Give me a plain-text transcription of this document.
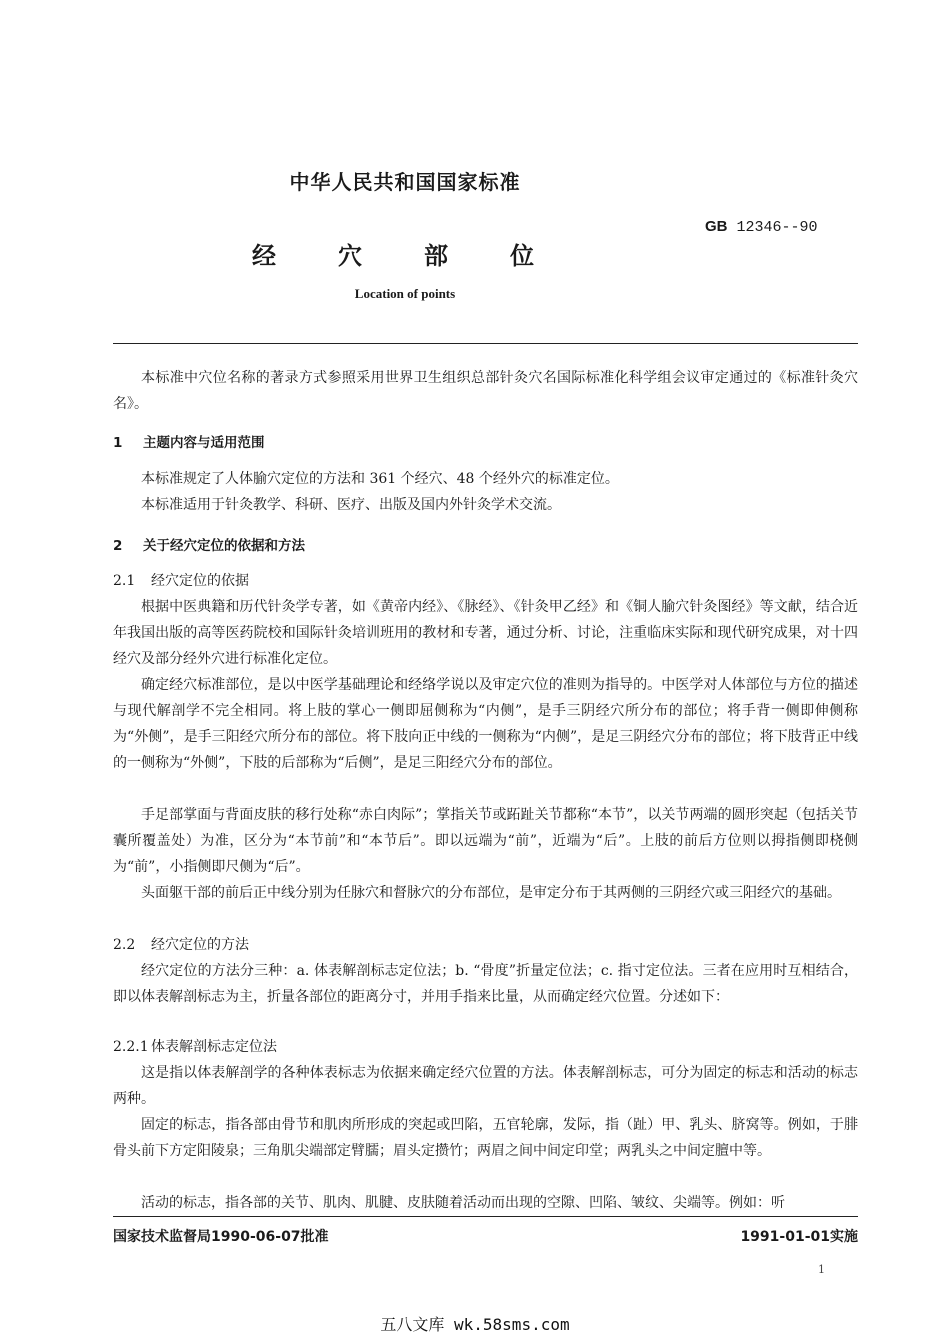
中华人民共和国国家标准
GB 12346--90
经穴部位
Location of points

本标准中穴位名称的著录方式参照采用世界卫生组织总部针灸穴名国际标准化科学组会议审定通过的《标准针灸穴名》。

1 主题内容与适用范围

本标准规定了人体腧穴定位的方法和 361 个经穴、48 个经外穴的标准定位。

本标准适用于针灸教学、科研、医疗、出版及国内外针灸学术交流。

2 关于经穴定位的依据和方法
2.1 经穴定位的依据

根据中医典籍和历代针灸学专著，如《黄帝内经》、《脉经》、《针灸甲乙经》和《铜人腧穴针灸图经》等文献，结合近年我国出版的高等医药院校和国际针灸培训班用的教材和专著，通过分析、讨论，注重临床实际和现代研究成果，对十四经穴及部分经外穴进行标准化定位。

确定经穴标准部位，是以中医学基础理论和经络学说以及审定穴位的准则为指导的。中医学对人体部位与方位的描述与现代解剖学不完全相同。将上肢的掌心一侧即屈侧称为“内侧”，是手三阴经穴所分布的部位；将手背一侧即伸侧称为“外侧”，是手三阳经穴所分布的部位。将下肢向正中线的一侧称为“内侧”，是足三阴经穴分布的部位；将下肢背正中线的一侧称为“外侧”，下肢的后部称为“后侧”，是足三阳经穴分布的部位。

手足部掌面与背面皮肤的移行处称“赤白肉际”；掌指关节或跖趾关节都称“本节”，以关节两端的圆形突起（包括关节囊所覆盖处）为准，区分为“本节前”和“本节后”。即以远端为“前”，近端为“后”。上肢的前后方位则以拇指侧即桡侧为“前”，小指侧即尺侧为“后”。

头面躯干部的前后正中线分别为任脉穴和督脉穴的分布部位，是审定分布于其两侧的三阴经穴或三阳经穴的基础。

2.2 经穴定位的方法

经穴定位的方法分三种：a. 体表解剖标志定位法；b. “骨度”折量定位法；c. 指寸定位法。三者在应用时互相结合，即以体表解剖标志为主，折量各部位的距离分寸，并用手指来比量，从而确定经穴位置。分述如下：

2.2.1 体表解剖标志定位法

这是指以体表解剖学的各种体表标志为依据来确定经穴位置的方法。体表解剖标志，可分为固定的标志和活动的标志两种。

固定的标志，指各部由骨节和肌肉所形成的突起或凹陷，五官轮廓，发际，指（趾）甲、乳头、脐窝等。例如，于腓骨头前下方定阳陵泉；三角肌尖端部定臂臑；眉头定攒竹；两眉之间中间定印堂；两乳头之中间定膻中等。

活动的标志，指各部的关节、肌肉、肌腱、皮肤随着活动而出现的空隙、凹陷、皱纹、尖端等。例如：听

国家技术监督局1990-06-07批准	1991-01-01实施
1
五八文库 wk.58sms.com
